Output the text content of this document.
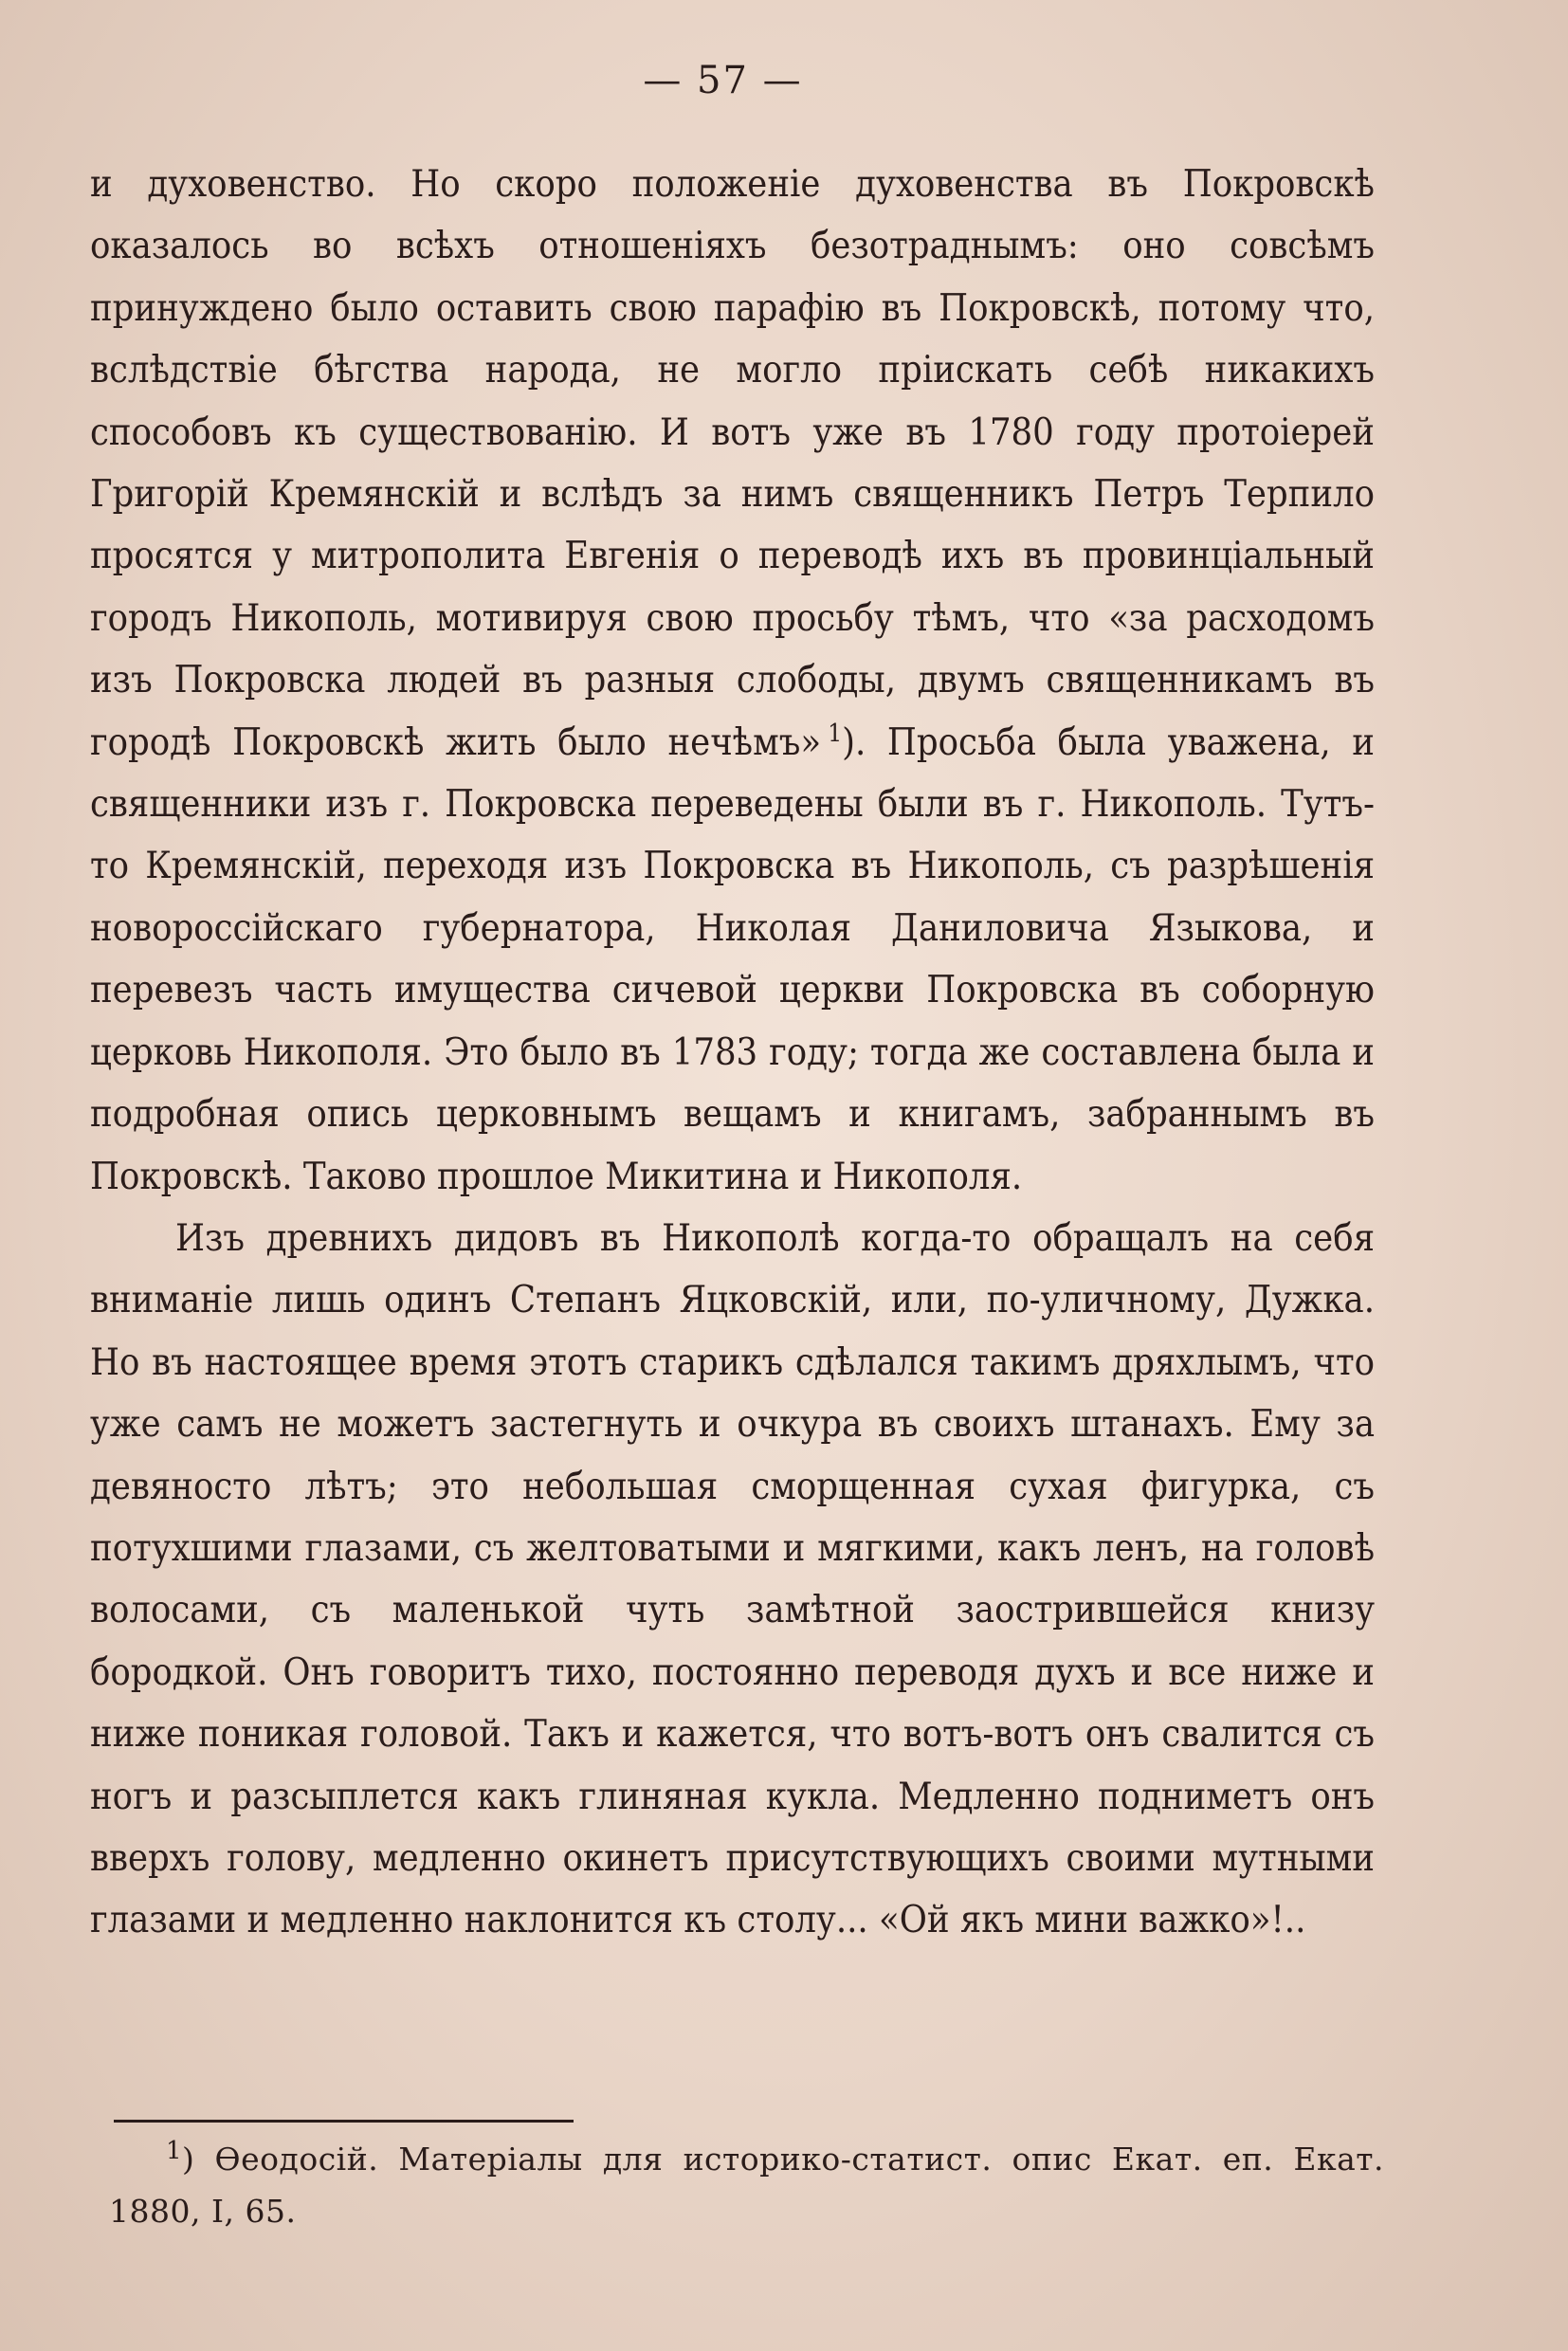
— 57 —

и духовенство. Но скоро положеніе духовенства въ Покровскѣ оказалось во всѣхъ отношеніяхъ безотраднымъ: оно совсѣмъ принуждено было оставить свою парафію въ Покровскѣ, потому что, вслѣдствіе бѣгства народа, не могло пріискать себѣ никакихъ способовъ къ существованію. И вотъ уже въ 1780 году протоіерей Григорій Кремянскій и вслѣдъ за нимъ священникъ Петръ Терпило просятся у митрополита Евгенія о переводѣ ихъ въ провинціальный городъ Никополь, мотивируя свою просьбу тѣмъ, что «за расходомъ изъ Покровска людей въ разныя слободы, двумъ священникамъ въ городѣ Покровскѣ жить было нечѣмъ»  $^1$). Просьба была уважена, и священники изъ г. Покровска переведены были въ г. Никополь. Тутъ-то Кремянскій, переходя изъ Покровска въ Никополь, съ разрѣшенія новороссійскаго губернатора, Николая Даниловича Языкова, и перевезъ часть имущества сичевой церкви Покровска въ соборную церковь Никополя. Это было въ 1783 году; тогда же составлена была и подробная опись церковнымъ вещамъ и книгамъ, забраннымъ въ Покровскѣ. Таково прошлое Микитина и Никополя.

Изъ древнихъ дидовъ въ Никополѣ когда-то обращалъ на себя вниманіе лишь одинъ Степанъ Яцковскій, или, по-уличному, Дужка. Но въ настоящее время этотъ старикъ сдѣлался такимъ дряхлымъ, что уже самъ не можетъ застегнуть и очкура въ своихъ штанахъ. Ему за девяносто лѣтъ; это небольшая сморщенная сухая фигурка, съ потухшими глазами, съ желтоватыми и мягкими, какъ ленъ, на головѣ волосами, съ маленькой чуть замѣтной заострившейся книзу бородкой. Онъ говоритъ тихо, постоянно переводя духъ и все ниже и ниже поникая головой. Такъ и кажется, что вотъ-вотъ онъ свалится съ ногъ и разсыплется какъ глиняная кукла. Медленно подниметъ онъ вверхъ голову, медленно окинетъ присутствующихъ своими мутными глазами и медленно наклонится къ столу... «Ой якъ мини важко»!..

$^1$) Ѳеодосій. Матеріалы для историко-статист. опис Екат. еп. Екат. 1880, I, 65.
